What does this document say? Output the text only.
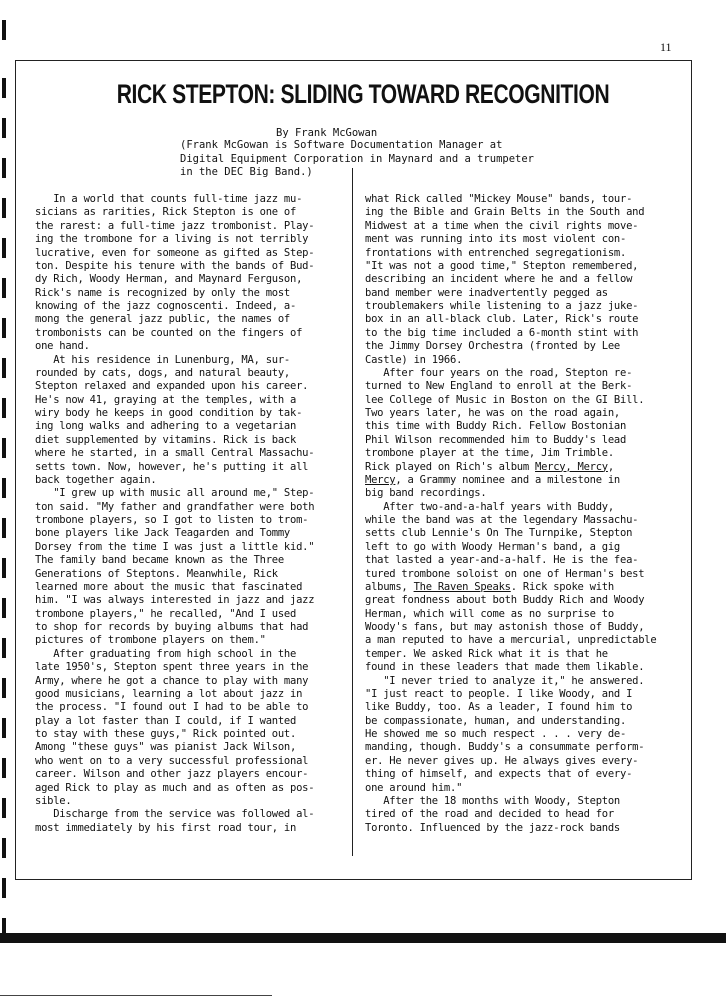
11
RICK STEPTON: SLIDING TOWARD RECOGNITION
By Frank McGowan
(Frank McGowan is Software Documentation Manager at
Digital Equipment Corporation in Maynard and a trumpeter
in the DEC Big Band.)
In a world that counts full-time jazz mu-
sicians as rarities, Rick Stepton is one of
the rarest: a full-time jazz trombonist. Play-
ing the trombone for a living is not terribly
lucrative, even for someone as gifted as Step-
ton. Despite his tenure with the bands of Bud-
dy Rich, Woody Herman, and Maynard Ferguson,
Rick's name is recognized by only the most
knowing of the jazz cognoscenti. Indeed, a-
mong the general jazz public, the names of
trombonists can be counted on the fingers of
one hand.
At his residence in Lunenburg, MA, sur-
rounded by cats, dogs, and natural beauty,
Stepton relaxed and expanded upon his career.
He's now 41, graying at the temples, with a
wiry body he keeps in good condition by tak-
ing long walks and adhering to a vegetarian
diet supplemented by vitamins. Rick is back
where he started, in a small Central Massachu-
setts town. Now, however, he's putting it all
back together again.
"I grew up with music all around me," Step-
ton said. "My father and grandfather were both
trombone players, so I got to listen to trom-
bone players like Jack Teagarden and Tommy
Dorsey from the time I was just a little kid."
The family band became known as the Three
Generations of Steptons. Meanwhile, Rick
learned more about the music that fascinated
him. "I was always interested in jazz and jazz
trombone players," he recalled, "And I used
to shop for records by buying albums that had
pictures of trombone players on them."
After graduating from high school in the
late 1950's, Stepton spent three years in the
Army, where he got a chance to play with many
good musicians, learning a lot about jazz in
the process. "I found out I had to be able to
play a lot faster than I could, if I wanted
to stay with these guys," Rick pointed out.
Among "these guys" was pianist Jack Wilson,
who went on to a very successful professional
career. Wilson and other jazz players encour-
aged Rick to play as much and as often as pos-
sible.
Discharge from the service was followed al-
most immediately by his first road tour, in
what Rick called "Mickey Mouse" bands, tour-
ing the Bible and Grain Belts in the South and
Midwest at a time when the civil rights move-
ment was running into its most violent con-
frontations with entrenched segregationism.
"It was not a good time," Stepton remembered,
describing an incident where he and a fellow
band member were inadvertently pegged as
troublemakers while listening to a jazz juke-
box in an all-black club. Later, Rick's route
to the big time included a 6-month stint with
the Jimmy Dorsey Orchestra (fronted by Lee
Castle) in 1966.
After four years on the road, Stepton re-
turned to New England to enroll at the Berk-
lee College of Music in Boston on the GI Bill.
Two years later, he was on the road again,
this time with Buddy Rich. Fellow Bostonian
Phil Wilson recommended him to Buddy's lead
trombone player at the time, Jim Trimble.
Rick played on Rich's album Mercy, Mercy,
Mercy, a Grammy nominee and a milestone in
big band recordings.
After two-and-a-half years with Buddy,
while the band was at the legendary Massachu-
setts club Lennie's On The Turnpike, Stepton
left to go with Woody Herman's band, a gig
that lasted a year-and-a-half. He is the fea-
tured trombone soloist on one of Herman's best
albums, The Raven Speaks. Rick spoke with
great fondness about both Buddy Rich and Woody
Herman, which will come as no surprise to
Woody's fans, but may astonish those of Buddy,
a man reputed to have a mercurial, unpredictable
temper. We asked Rick what it is that he
found in these leaders that made them likable.
"I never tried to analyze it," he answered.
"I just react to people. I like Woody, and I
like Buddy, too. As a leader, I found him to
be compassionate, human, and understanding.
He showed me so much respect . . . very de-
manding, though. Buddy's a consummate perform-
er. He never gives up. He always gives every-
thing of himself, and expects that of every-
one around him."
After the 18 months with Woody, Stepton
tired of the road and decided to head for
Toronto. Influenced by the jazz-rock bands
